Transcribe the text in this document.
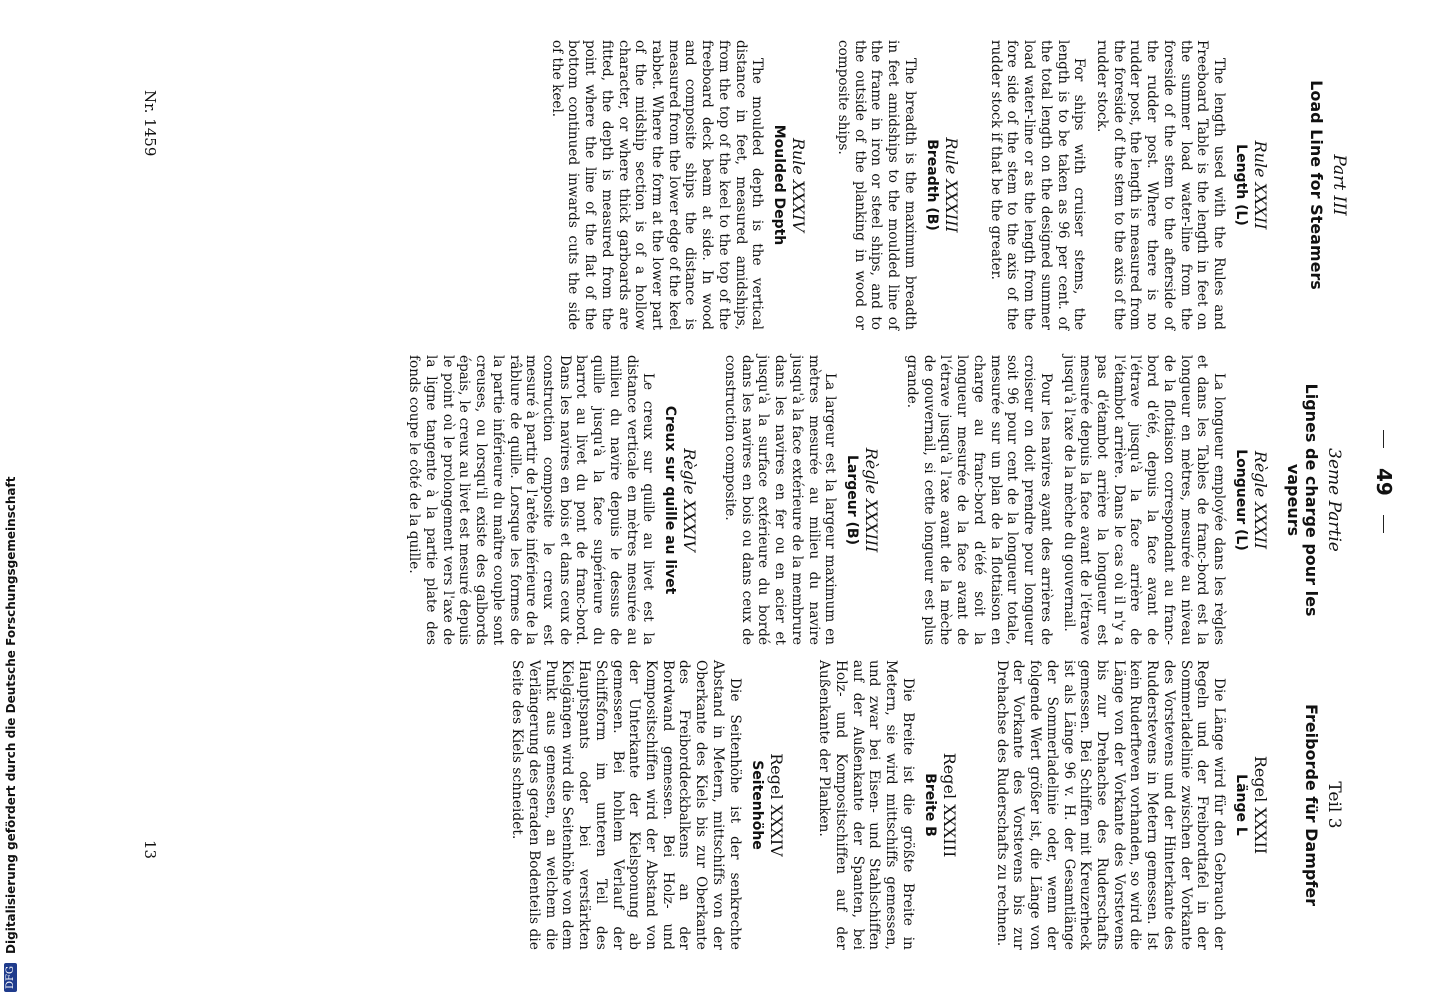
49

Part III

Load Line for Steamers

Rule XXXII

Length (L)

The length used with the Rules and Freeboard Table is the length in feet on the summer load water-line from the foreside of the stem to the afterside of the rudder post. Where there is no rudder post, the length is measured from the foreside of the stem to the axis of the rudder stock.

For ships with cruiser stems, the length is to be taken as 96 per cent. of the total length on the designed summer load water-line or as the length from the fore side of the stem to the axis of the rudder stock if that be the greater.

Rule XXXIII

Breadth (B)

The breadth is the maximum breadth in feet amidships to the moulded line of the frame in iron or steel ships, and to the outside of the planking in wood or composite ships.

Rule XXXIV

Moulded Depth

The moulded depth is the vertical distance in feet, measured amidships, from the top of the keel to the top of the freeboard deck beam at side. In wood and composite ships the distance is measured from the lower edge of the keel rabbet. Where the form at the lower part of the midship section is of a hollow character, or where thick garboards are fitted, the depth is measured from the point where the line of the flat of the bottom continued inwards cuts the side of the keel.

3eme Partie

Lignes de charge pour les vapeurs

Règle XXXII

Longueur (L)

La longueur employée dans les règles et dans les Tables de franc-bord est la longueur en mètres, mesurée au niveau de la flottaison correspondant au franc-bord d'été, depuis la face avant de l'étrave jusqu'à la face arrière de l'étambot arrière. Dans le cas où il n'y a pas d'étambot arrière la longueur est mesurée depuis la face avant de l'étrave jusqu'à l'axe de la mèche du gouvernail.

Pour les navires ayant des arrières de croiseur on doit prendre pour longueur soit 96 pour cent de la longueur totale, mesurée sur un plan de la flottaison en charge au franc-bord d'été soit la longueur mesurée de la face avant de l'étrave jusqu'à l'axe avant de la mèche de gouvernail, si cette longueur est plus grande.

Règle XXXIII

Largeur (B)

La largeur est la largeur maximum en mètres mesurée au milieu du navire jusqu'à la face extérieure de la membrure dans les navires en fer ou en acier et jusqu'à la surface extérieure du bordé dans les navires en bois ou dans ceux de construction composite.

Règle XXXIV

Creux sur quille au livet

Le creux sur quille au livet est la distance verticale en mètres mesurée au milieu du navire depuis le dessus de quille jusqu'à la face supérieure du barrot au livet du pont de franc-bord. Dans les navires en bois et dans ceux de construction composite le creux est mesuré à partir de l'arête inférieure de la râblure de quille. Lorsque les formes de la partie inférieure du maître couple sont creuses, ou lorsqu'il existe des galbords épais, le creux au livet est mesuré depuis le point où le prolongement vers l'axe de la ligne tangente à la partie plate des fonds coupe le côté de la quille.

Teil 3

Freiborde für Dampfer

Regel XXXII

Länge L

Die Länge wird für den Gebrauch der Regeln und der Freibordtafel in der Sommerladelinie zwischen der Vorkante des Vorstevens und der Hinterkante des Rudderstevens in Metern gemessen. Ist kein Ruderfteven vorhanden, so wird die Länge von der Vorkante des Vorstevens bis zur Drehachse des Ruderschafts gemessen. Bei Schiffen mit Kreuzerheck ist als Länge 96 v. H. der Gesamtlänge der Sommerladelinie oder, wenn der folgende Wert größer ist, die Länge von der Vorkante des Vorstevens bis zur Drehachse des Ruderschafts zu rechnen.

Regel XXXIII

Breite B

Die Breite ist die größte Breite in Metern, sie wird mittschiffs gemessen, und zwar bei Eisen- und Stahlschiffen auf der Außenkante der Spanten, bei Holz- und Kompositschiffen auf der Außenkante der Planken.

Regel XXXIV

Seitenhöhe

Die Seitenhöhe ist der senkrechte Abstand in Metern, mittschiffs von der Oberkante des Kiels bis zur Oberkante des Freiborddeckbalkens an der Bordwand gemessen. Bei Holz- und Kompositschiffen wird der Abstand von der Unterkante der Kielsponung ab gemessen. Bei hohlem Verlauf der Schiffsform im unteren Teil des Hauptspants oder bei verstärkten Kielgängen wird die Seitenhöhe von dem Punkt aus gemessen, an welchem die Verlängerung des geraden Bodenteils die Seite des Kiels schneidet.

Nr. 1459
13
DFG Digitalisierung gefördert durch die Deutsche Forschungsgemeinschaft
